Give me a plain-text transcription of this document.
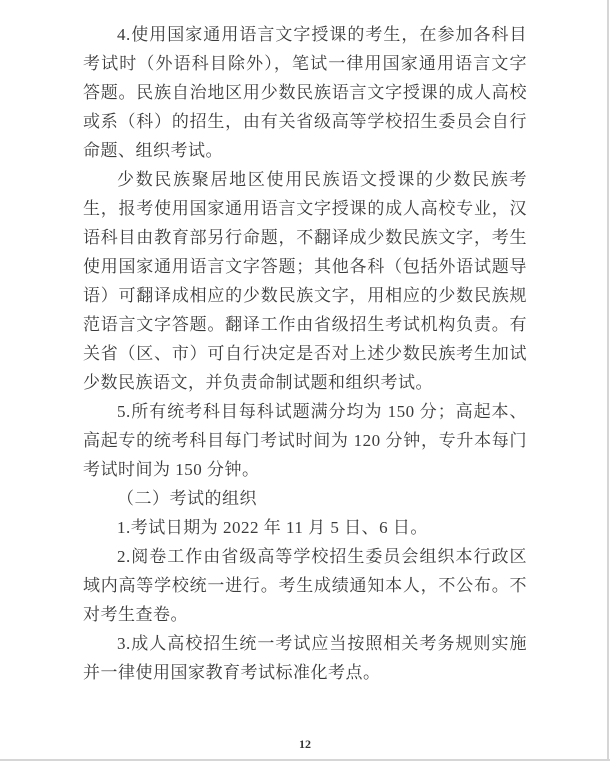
4.使用国家通用语言文字授课的考生，在参加各科目考试时（外语科目除外），笔试一律用国家通用语言文字答题。民族自治地区用少数民族语言文字授课的成人高校或系（科）的招生，由有关省级高等学校招生委员会自行命题、组织考试。

少数民族聚居地区使用民族语文授课的少数民族考生，报考使用国家通用语言文字授课的成人高校专业，汉语科目由教育部另行命题，不翻译成少数民族文字，考生使用国家通用语言文字答题；其他各科（包括外语试题导语）可翻译成相应的少数民族文字，用相应的少数民族规范语言文字答题。翻译工作由省级招生考试机构负责。有关省（区、市）可自行决定是否对上述少数民族考生加试少数民族语文，并负责命制试题和组织考试。

5.所有统考科目每科试题满分均为 150 分；高起本、高起专的统考科目每门考试时间为 120 分钟，专升本每门考试时间为 150 分钟。

（二）考试的组织

1.考试日期为 2022 年 11 月 5 日、6 日。

2.阅卷工作由省级高等学校招生委员会组织本行政区域内高等学校统一进行。考生成绩通知本人，不公布。不对考生查卷。

3.成人高校招生统一考试应当按照相关考务规则实施并一律使用国家教育考试标准化考点。

12
